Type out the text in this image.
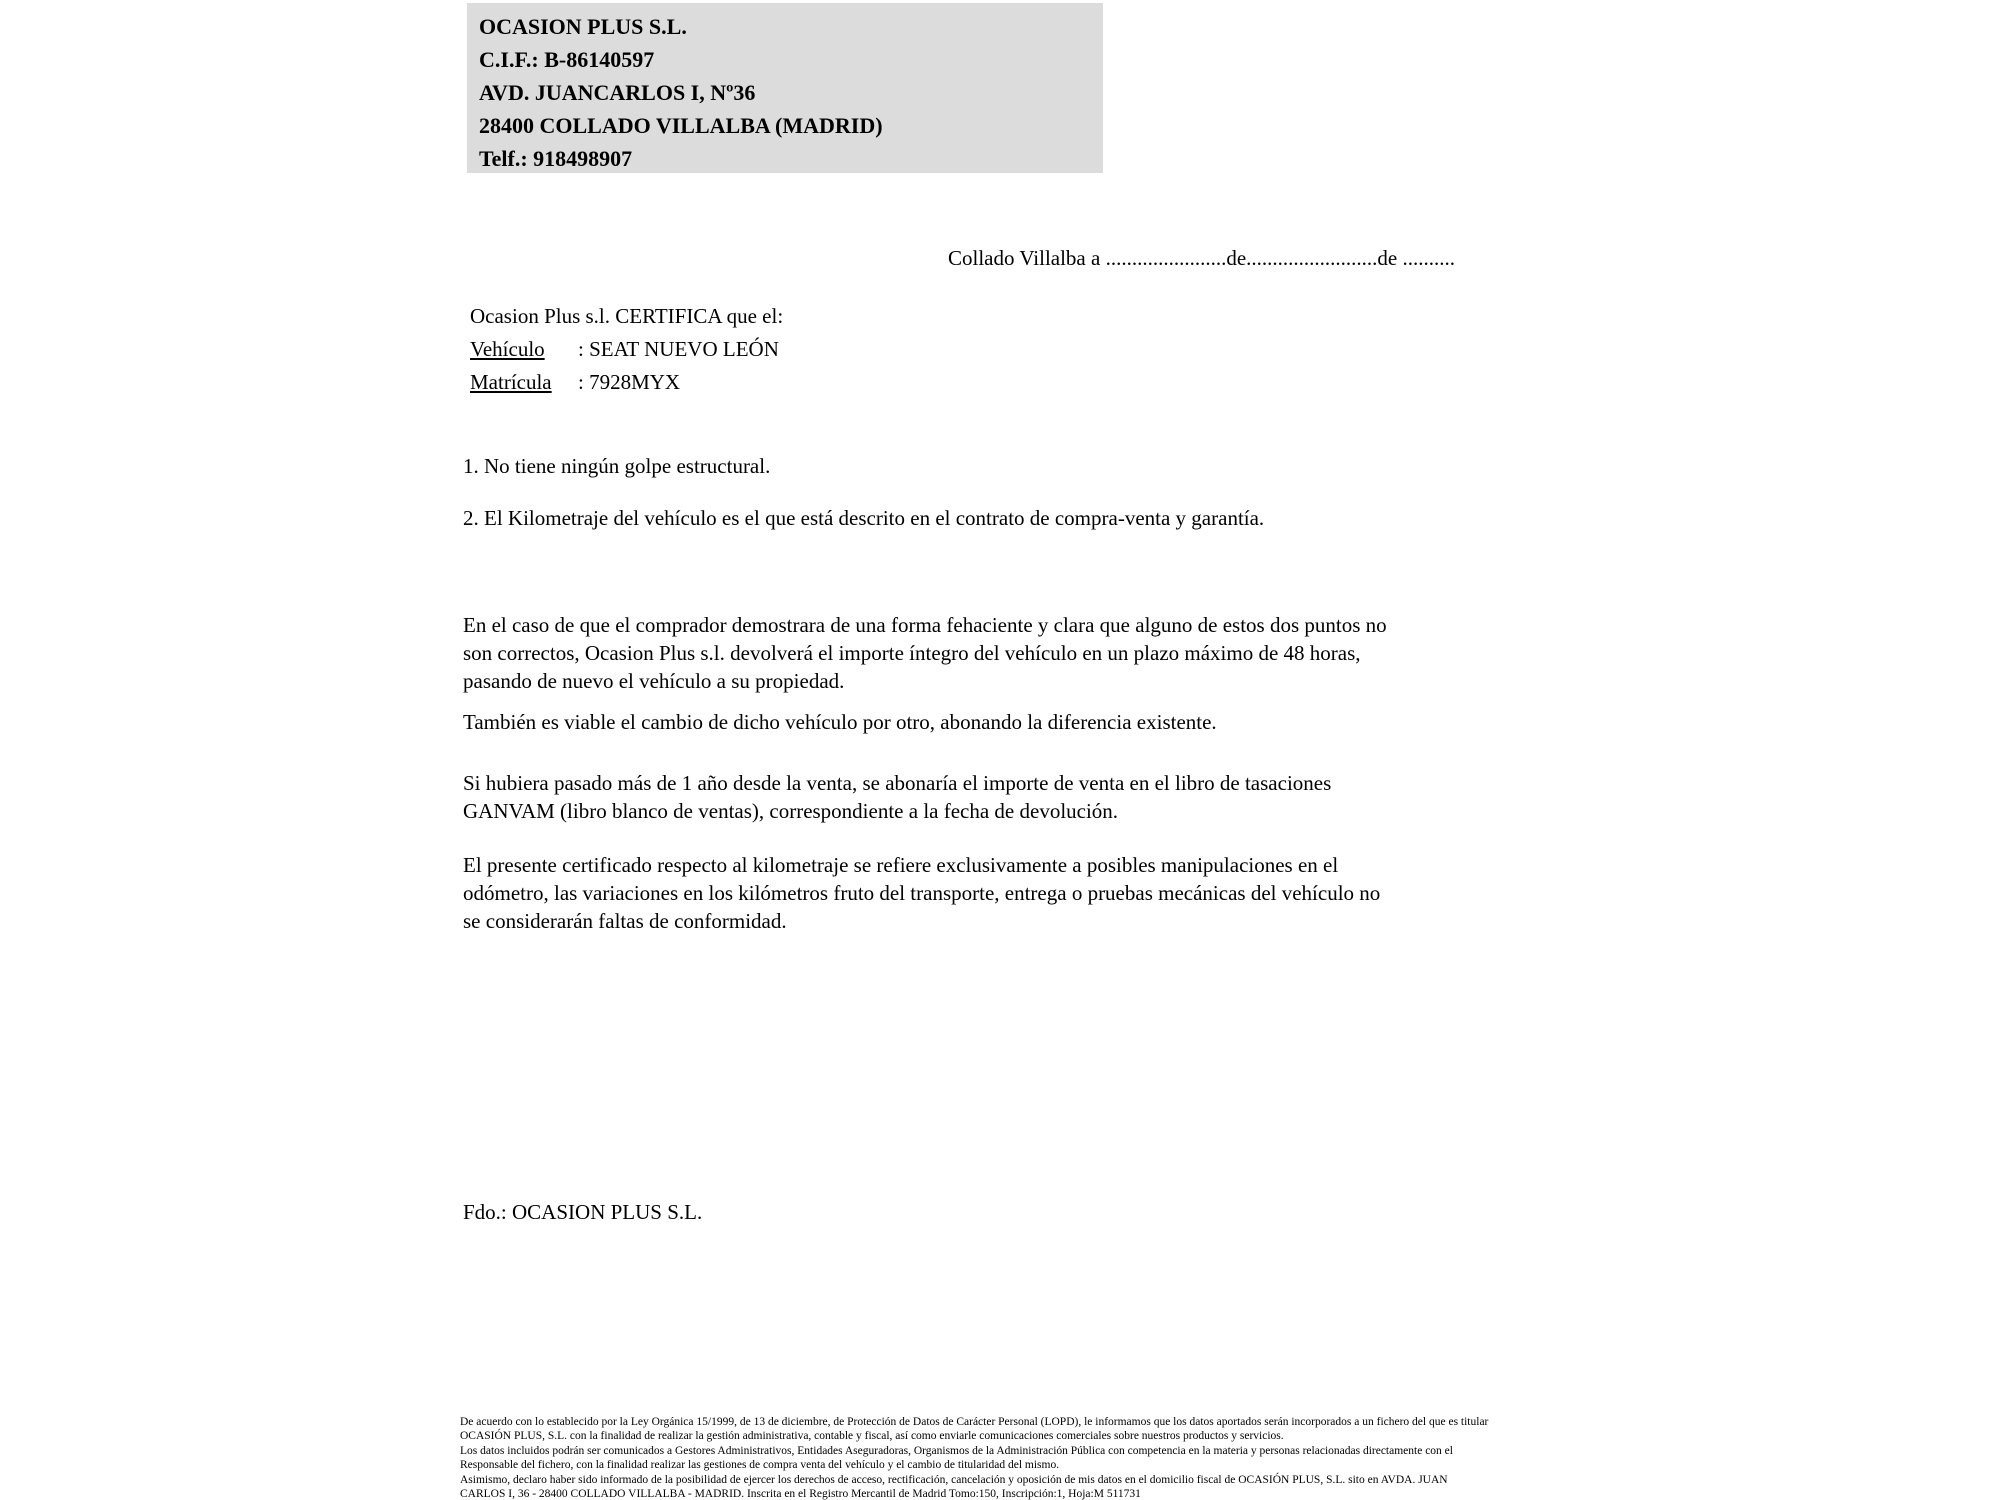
OCASION PLUS S.L.
C.I.F.: B-86140597
AVD. JUANCARLOS I, Nº36
28400 COLLADO VILLALBA (MADRID)
Telf.: 918498907
Collado Villalba a .......................de.........................de ..........
Ocasion Plus s.l. CERTIFICA que el:
Vehículo : SEAT NUEVO LEÓN
Matrícula : 7928MYX
1. No tiene ningún golpe estructural.
2. El Kilometraje del vehículo es el que está descrito en el contrato de compra-venta y garantía.
En el caso de que el comprador demostrara de una forma fehaciente y clara que alguno de estos dos puntos no
son correctos, Ocasion Plus s.l. devolverá el importe íntegro del vehículo en un plazo máximo de 48 horas,
pasando de nuevo el vehículo a su propiedad.
También es viable el cambio de dicho vehículo por otro, abonando la diferencia existente.
Si hubiera pasado más de 1 año desde la venta, se abonaría el importe de venta en el libro de tasaciones
GANVAM (libro blanco de ventas), correspondiente a la fecha de devolución.
El presente certificado respecto al kilometraje se refiere exclusivamente a posibles manipulaciones en el
odómetro, las variaciones en los kilómetros fruto del transporte, entrega o pruebas mecánicas del vehículo no
se considerarán faltas de conformidad.
Fdo.: OCASION PLUS S.L.
De acuerdo con lo establecido por la Ley Orgánica 15/1999, de 13 de diciembre, de Protección de Datos de Carácter Personal (LOPD), le informamos que los datos aportados serán incorporados a un fichero del que es titular
OCASIÓN PLUS, S.L. con la finalidad de realizar la gestión administrativa, contable y fiscal, así como enviarle comunicaciones comerciales sobre nuestros productos y servicios.
Los datos incluidos podrán ser comunicados a Gestores Administrativos, Entidades Aseguradoras, Organismos de la Administración Pública con competencia en la materia y personas relacionadas directamente con el
Responsable del fichero, con la finalidad realizar las gestiones de compra venta del vehículo y el cambio de titularidad del mismo.
Asimismo, declaro haber sido informado de la posibilidad de ejercer los derechos de acceso, rectificación, cancelación y oposición de mis datos en el domicilio fiscal de OCASIÓN PLUS, S.L. sito en AVDA. JUAN
CARLOS I, 36 - 28400 COLLADO VILLALBA - MADRID. Inscrita en el Registro Mercantil de Madrid Tomo:150, Inscripción:1, Hoja:M 511731
